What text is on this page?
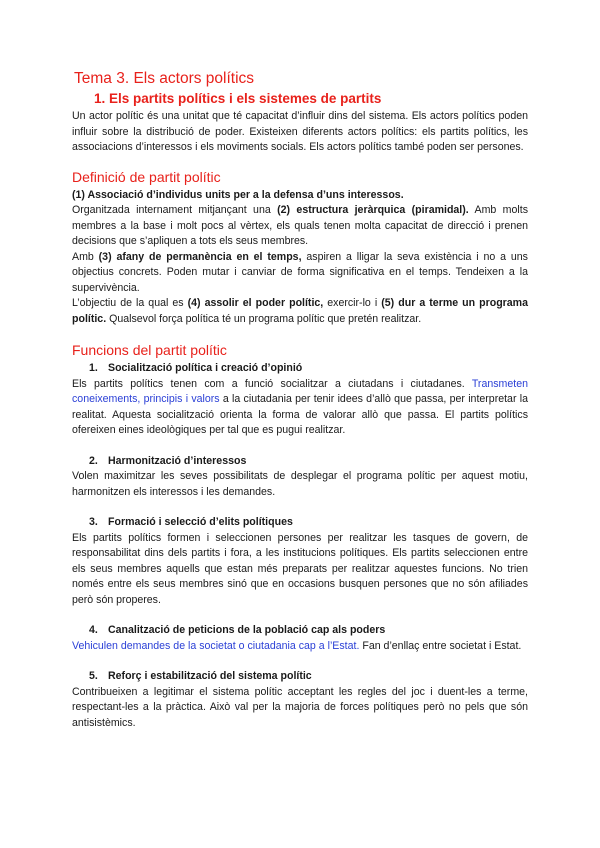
Tema 3. Els actors polítics
1. Els partits polítics i els sistemes de partits

Un actor polític és una unitat que té capacitat d’influir dins del sistema. Els actors polítics poden influir sobre la distribució de poder. Existeixen diferents actors polítics: els partits polítics, les associacions d’interessos i els moviments socials. Els actors polítics també poden ser persones.

Definició de partit polític

(1) Associació d’individus units per a la defensa d’uns interessos.

Organitzada internament mitjançant una (2) estructura jeràrquica (piramidal). Amb molts membres a la base i molt pocs al vèrtex, els quals tenen molta capacitat de direcció i prenen decisions que s’apliquen a tots els seus membres.

Amb (3) afany de permanència en el temps, aspiren a lligar la seva existència i no a uns objectius concrets. Poden mutar i canviar de forma significativa en el temps. Tendeixen a la supervivència.

L’objectiu de la qual es (4) assolir el poder polític, exercir-lo i (5) dur a terme un programa polític. Qualsevol força política té un programa polític que pretén realitzar.

Funcions del partit polític
1. Socialització política i creació d’opinió

Els partits polítics tenen com a funció socialitzar a ciutadans i ciutadanes. Transmeten coneixements, principis i valors a la ciutadania per tenir idees d’allò que passa, per interpretar la realitat. Aquesta socialització orienta la forma de valorar allò que passa. El partits polítics ofereixen eines ideològiques per tal que es pugui realitzar.

2. Harmonització d’interessos

Volen maximitzar les seves possibilitats de desplegar el programa polític per aquest motiu, harmonitzen els interessos i les demandes.

3. Formació i selecció d’elits polítiques

Els partits polítics formen i seleccionen persones per realitzar les tasques de govern, de responsabilitat dins dels partits i fora, a les institucions polítiques. Els partits seleccionen entre els seus membres aquells que estan més preparats per realitzar aquestes funcions. No trien només entre els seus membres sinó que en occasions busquen persones que no són afiliades però són properes.

4. Canalització de peticions de la població cap als poders

Vehiculen demandes de la societat o ciutadania cap a l’Estat. Fan d’enllaç entre societat i Estat.

5. Reforç i estabilització del sistema polític

Contribueixen a legitimar el sistema polític acceptant les regles del joc i duent-les a terme, respectant-les a la pràctica. Això val per la majoria de forces polítiques però no pels que són antisistèmics.
